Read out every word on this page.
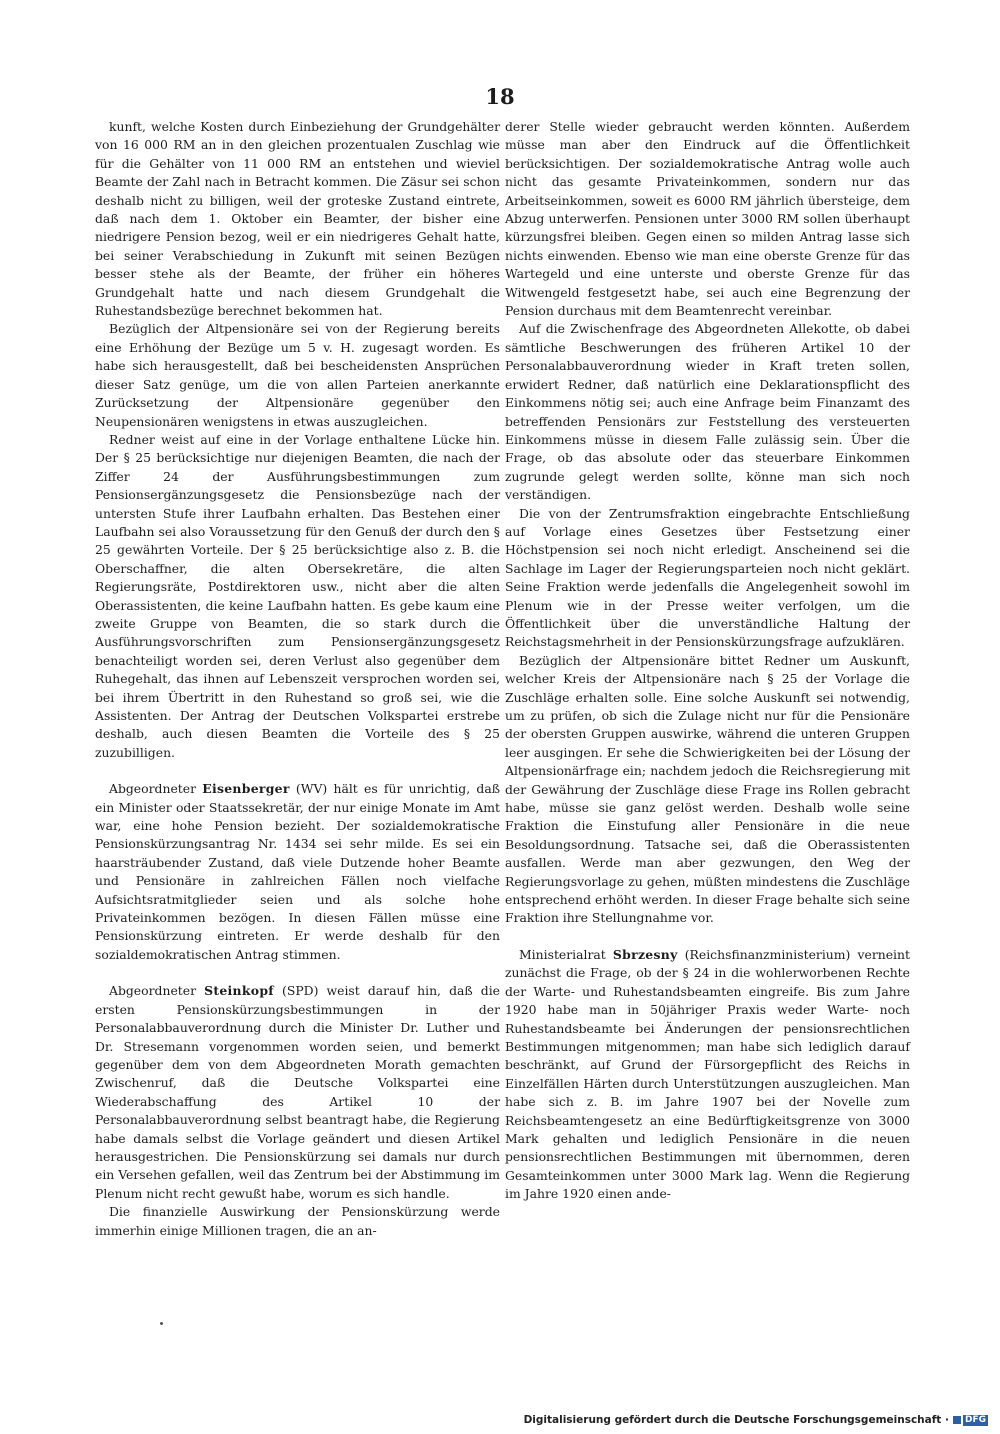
18

kunft, welche Kosten durch Einbeziehung der Grundgehälter von 16 000 RM an in den gleichen prozentualen Zuschlag wie für die Gehälter von 11 000 RM an entstehen und wieviel Beamte der Zahl nach in Betracht kommen. Die Zäsur sei schon deshalb nicht zu billigen, weil der groteske Zustand eintrete, daß nach dem 1. Oktober ein Beamter, der bisher eine niedrigere Pension bezog, weil er ein niedrigeres Gehalt hatte, bei seiner Verabschiedung in Zukunft mit seinen Bezügen besser stehe als der Beamte, der früher ein höheres Grundgehalt hatte und nach diesem Grundgehalt die Ruhestandsbezüge berechnet bekommen hat.

Bezüglich der Altpensionäre sei von der Regierung bereits eine Erhöhung der Bezüge um 5 v. H. zugesagt worden. Es habe sich herausgestellt, daß bei bescheidensten Ansprüchen dieser Satz genüge, um die von allen Parteien anerkannte Zurücksetzung der Altpensionäre gegenüber den Neupensionären wenigstens in etwas auszugleichen.

Redner weist auf eine in der Vorlage enthaltene Lücke hin. Der § 25 berücksichtige nur diejenigen Beamten, die nach der Ziffer 24 der Ausführungsbestimmungen zum Pensionsergänzungsgesetz die Pensionsbezüge nach der untersten Stufe ihrer Laufbahn erhalten. Das Bestehen einer Laufbahn sei also Voraussetzung für den Genuß der durch den § 25 gewährten Vorteile. Der § 25 berücksichtige also z. B. die Oberschaffner, die alten Obersekretäre, die alten Regierungsräte, Postdirektoren usw., nicht aber die alten Oberassistenten, die keine Laufbahn hatten. Es gebe kaum eine zweite Gruppe von Beamten, die so stark durch die Ausführungsvorschriften zum Pensionsergänzungsgesetz benachteiligt worden sei, deren Verlust also gegenüber dem Ruhegehalt, das ihnen auf Lebenszeit versprochen worden sei, bei ihrem Übertritt in den Ruhestand so groß sei, wie die Assistenten. Der Antrag der Deutschen Volkspartei erstrebe deshalb, auch diesen Beamten die Vorteile des § 25 zuzubilligen.

Abgeordneter Eisenberger (WV) hält es für unrichtig, daß ein Minister oder Staatssekretär, der nur einige Monate im Amt war, eine hohe Pension bezieht. Der sozialdemokratische Pensionskürzungsantrag Nr. 1434 sei sehr milde. Es sei ein haarsträubender Zustand, daß viele Dutzende hoher Beamte und Pensionäre in zahlreichen Fällen noch vielfache Aufsichtsratmitglieder seien und als solche hohe Privateinkommen bezögen. In diesen Fällen müsse eine Pensionskürzung eintreten. Er werde deshalb für den sozialdemokratischen Antrag stimmen.

Abgeordneter Steinkopf (SPD) weist darauf hin, daß die ersten Pensionskürzungsbestimmungen in der Personalabbauverordnung durch die Minister Dr. Luther und Dr. Stresemann vorgenommen worden seien, und bemerkt gegenüber dem von dem Abgeordneten Morath gemachten Zwischenruf, daß die Deutsche Volkspartei eine Wiederabschaffung des Artikel 10 der Personalabbauverordnung selbst beantragt habe, die Regierung habe damals selbst die Vorlage geändert und diesen Artikel herausgestrichen. Die Pensionskürzung sei damals nur durch ein Versehen gefallen, weil das Zentrum bei der Abstimmung im Plenum nicht recht gewußt habe, worum es sich handle.

Die finanzielle Auswirkung der Pensionskürzung werde immerhin einige Millionen tragen, die an an-

derer Stelle wieder gebraucht werden könnten. Außerdem müsse man aber den Eindruck auf die Öffentlichkeit berücksichtigen. Der sozialdemokratische Antrag wolle auch nicht das gesamte Privateinkommen, sondern nur das Arbeitseinkommen, soweit es 6000 RM jährlich übersteige, dem Abzug unterwerfen. Pensionen unter 3000 RM sollen überhaupt kürzungsfrei bleiben. Gegen einen so milden Antrag lasse sich nichts einwenden. Ebenso wie man eine oberste Grenze für das Wartegeld und eine unterste und oberste Grenze für das Witwengeld festgesetzt habe, sei auch eine Begrenzung der Pension durchaus mit dem Beamtenrecht vereinbar.

Auf die Zwischenfrage des Abgeordneten Allekotte, ob dabei sämtliche Beschwerungen des früheren Artikel 10 der Personalabbauverordnung wieder in Kraft treten sollen, erwidert Redner, daß natürlich eine Deklarationspflicht des Einkommens nötig sei; auch eine Anfrage beim Finanzamt des betreffenden Pensionärs zur Feststellung des versteuerten Einkommens müsse in diesem Falle zulässig sein. Über die Frage, ob das absolute oder das steuerbare Einkommen zugrunde gelegt werden sollte, könne man sich noch verständigen.

Die von der Zentrumsfraktion eingebrachte Entschließung auf Vorlage eines Gesetzes über Festsetzung einer Höchstpension sei noch nicht erledigt. Anscheinend sei die Sachlage im Lager der Regierungsparteien noch nicht geklärt. Seine Fraktion werde jedenfalls die Angelegenheit sowohl im Plenum wie in der Presse weiter verfolgen, um die Öffentlichkeit über die unverständliche Haltung der Reichstagsmehrheit in der Pensionskürzungsfrage aufzuklären.

Bezüglich der Altpensionäre bittet Redner um Auskunft, welcher Kreis der Altpensionäre nach § 25 der Vorlage die Zuschläge erhalten solle. Eine solche Auskunft sei notwendig, um zu prüfen, ob sich die Zulage nicht nur für die Pensionäre der obersten Gruppen auswirke, während die unteren Gruppen leer ausgingen. Er sehe die Schwierigkeiten bei der Lösung der Altpensionärfrage ein; nachdem jedoch die Reichsregierung mit der Gewährung der Zuschläge diese Frage ins Rollen gebracht habe, müsse sie ganz gelöst werden. Deshalb wolle seine Fraktion die Einstufung aller Pensionäre in die neue Besoldungsordnung. Tatsache sei, daß die Oberassistenten ausfallen. Werde man aber gezwungen, den Weg der Regierungsvorlage zu gehen, müßten mindestens die Zuschläge entsprechend erhöht werden. In dieser Frage behalte sich seine Fraktion ihre Stellungnahme vor.

Ministerialrat Sbrzesny (Reichsfinanzministerium) verneint zunächst die Frage, ob der § 24 in die wohlerworbenen Rechte der Warte- und Ruhestandsbeamten eingreife. Bis zum Jahre 1920 habe man in 50jähriger Praxis weder Warte- noch Ruhestandsbeamte bei Änderungen der pensionsrechtlichen Bestimmungen mitgenommen; man habe sich lediglich darauf beschränkt, auf Grund der Fürsorgepflicht des Reichs in Einzelfällen Härten durch Unterstützungen auszugleichen. Man habe sich z. B. im Jahre 1907 bei der Novelle zum Reichsbeamtengesetz an eine Bedürftigkeitsgrenze von 3000 Mark gehalten und lediglich Pensionäre in die neuen pensionsrechtlichen Bestimmungen mit übernommen, deren Gesamteinkommen unter 3000 Mark lag. Wenn die Regierung im Jahre 1920 einen ande-

Digitalisierung gefördert durch die Deutsche Forschungsgemeinschaft · DFG
